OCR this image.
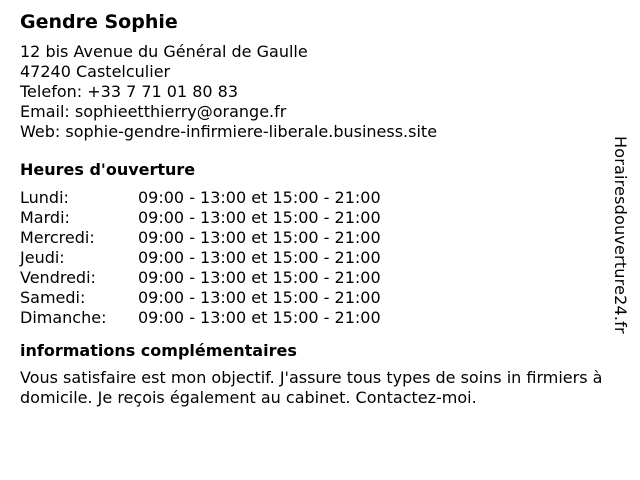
Gendre Sophie
12 bis Avenue du Général de Gaulle
47240 Castelculier
Telefon: +33 7 71 01 80 83
Email: sophieetthierry@orange.fr
Web: sophie-gendre-infirmiere-liberale.business.site
Heures d'ouverture
Lundi:	09:00 - 13:00 et 15:00 - 21:00
Mardi:	09:00 - 13:00 et 15:00 - 21:00
Mercredi:	09:00 - 13:00 et 15:00 - 21:00
Jeudi:	09:00 - 13:00 et 15:00 - 21:00
Vendredi:	09:00 - 13:00 et 15:00 - 21:00
Samedi:	09:00 - 13:00 et 15:00 - 21:00
Dimanche:	09:00 - 13:00 et 15:00 - 21:00
informations complémentaires
Vous satisfaire est mon objectif. J'assure tous types de soins in firmiers à domicile. Je reçois également au cabinet. Contactez-moi.
Horairesdouverture24.fr
